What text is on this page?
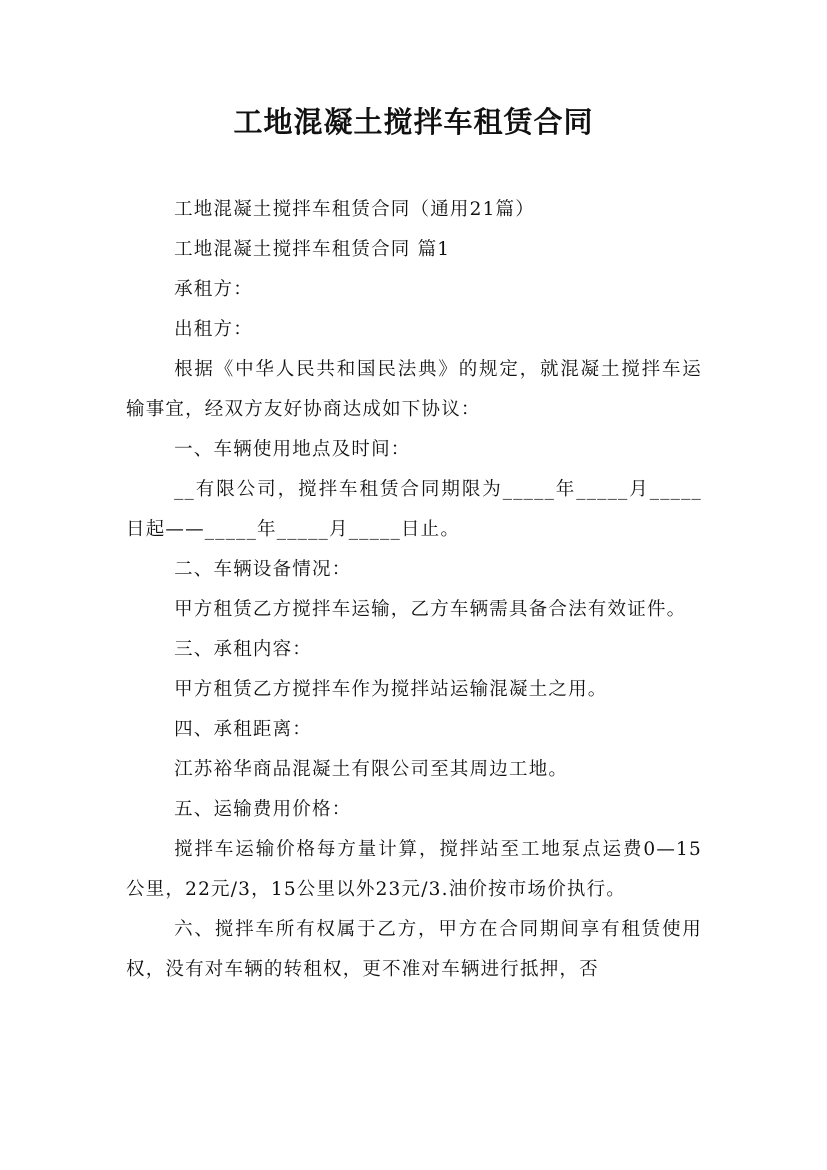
工地混凝土搅拌车租赁合同

工地混凝土搅拌车租赁合同（通用21篇）

工地混凝土搅拌车租赁合同 篇1

承租方：

出租方：

根据《中华人民共和国民法典》的规定，就混凝土搅拌车运输事宜，经双方友好协商达成如下协议：

一、车辆使用地点及时间：

__有限公司，搅拌车租赁合同期限为_____年_____月_____日起——_____年_____月_____日止。

二、车辆设备情况：

甲方租赁乙方搅拌车运输，乙方车辆需具备合法有效证件。

三、承租内容：

甲方租赁乙方搅拌车作为搅拌站运输混凝土之用。

四、承租距离：

江苏裕华商品混凝土有限公司至其周边工地。

五、运输费用价格：

搅拌车运输价格每方量计算，搅拌站至工地泵点运费0—15公里，22元/3，15公里以外23元/3.油价按市场价执行。

六、搅拌车所有权属于乙方，甲方在合同期间享有租赁使用权，没有对车辆的转租权，更不准对车辆进行抵押，否
